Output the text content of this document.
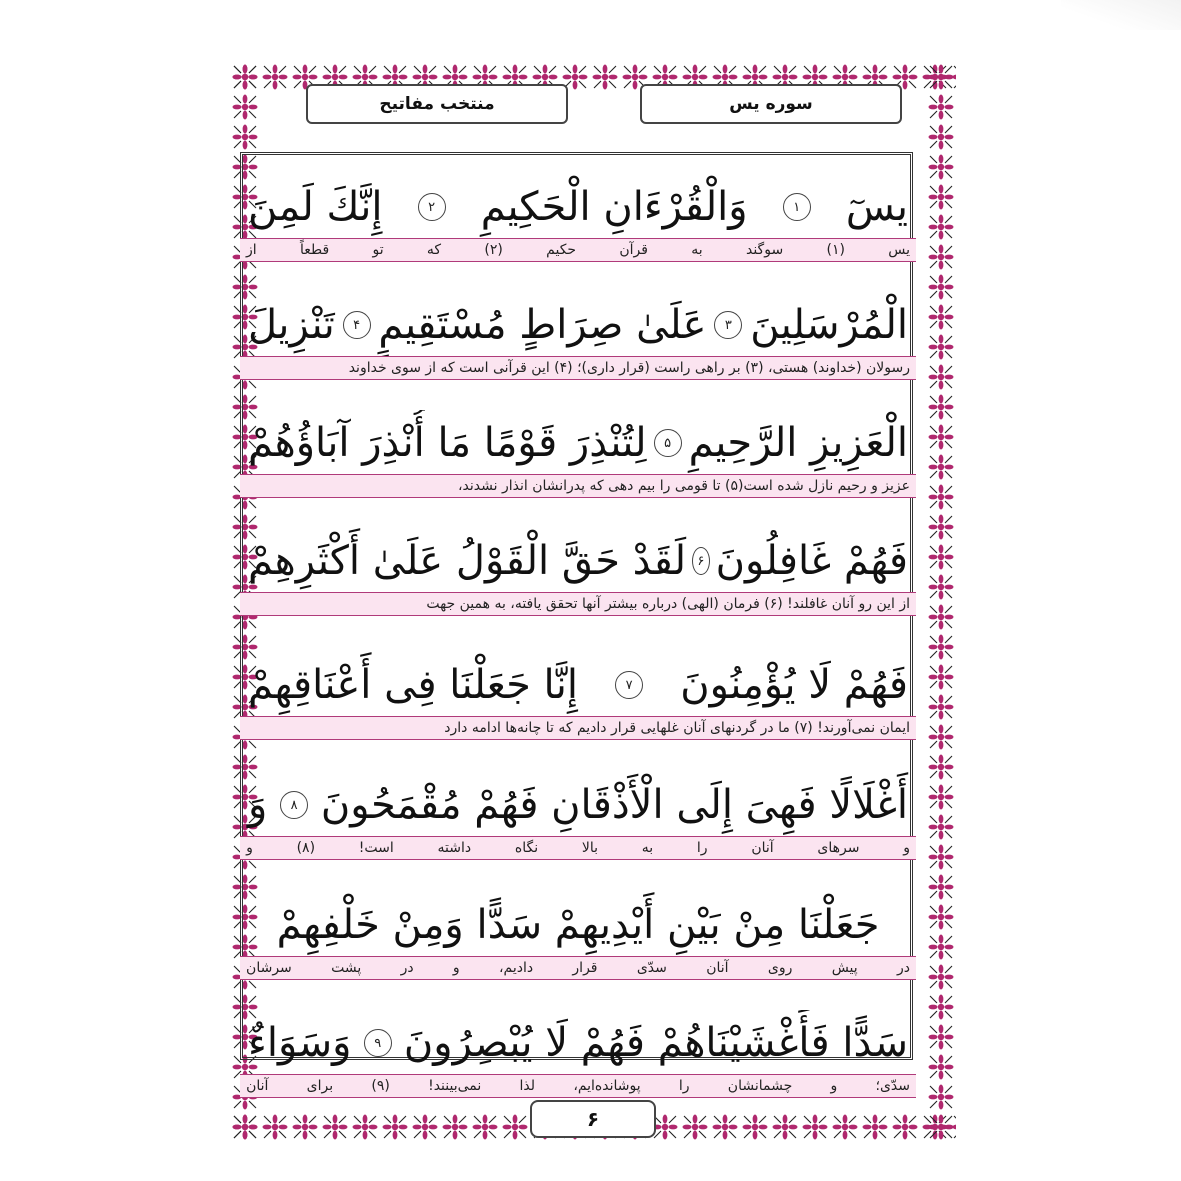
منتخب مفاتیح	سوره یس
یسٓ
۱
وَالْقُرْءَانِ الْحَکِیمِ
۲
إِنَّكَ لَمِنَ
یس
(۱)
سوگند
به
قرآن
حکیم
(۲)
که
تو
قطعاً
از
الْمُرْسَلِینَ
۳
عَلَیٰ صِرَاطٍ مُسْتَقِیمٍ
۴
تَنْزِیلَ
رسولان (خداوند) هستی، (۳) بر راهی راست (قرار داری)؛ (۴) این قرآنی است که از سوی خداوند
الْعَزِیزِ الرَّحِیمِ
۵
لِتُنْذِرَ قَوْمًا مَا أُنْذِرَ آبَاؤُهُمْ
عزیز و رحیم نازل شده است(۵) تا قومی را بیم دهی که پدرانشان انذار نشدند،
فَهُمْ غَافِلُونَ
۶
لَقَدْ حَقَّ الْقَوْلُ عَلَیٰ أَکْثَرِهِمْ
از این رو آنان غافلند! (۶) فرمان (الهی) درباره بیشتر آنها تحقق یافته، به همین جهت
فَهُمْ لَا یُؤْمِنُونَ
۷
إِنَّا جَعَلْنَا فِی أَعْنَاقِهِمْ
ایمان نمی‌آورند! (۷) ما در گردنهای آنان غلهایی قرار دادیم که تا چانه‌ها ادامه دارد
أَغْلَالًا فَهِیَ إِلَی الْأَذْقَانِ فَهُمْ مُقْمَحُونَ
۸
وَ
و
سرهای
آنان
را
به
بالا
نگاه
داشته
است!
(۸)
و
جَعَلْنَا مِنْ بَیْنِ أَیْدِیهِمْ سَدًّا وَمِنْ خَلْفِهِمْ
در
پیش
روی
آنان
سدّی
قرار
دادیم،
و
در
پشت
سرشان
سَدًّا فَأَغْشَیْنَاهُمْ فَهُمْ لَا یُبْصِرُونَ
۹
وَسَوَاءٌ
سدّی؛
و
چشمانشان
را
پوشانده‌ایم،
لذا
نمی‌بینند!
(۹)
برای
آنان
۶
